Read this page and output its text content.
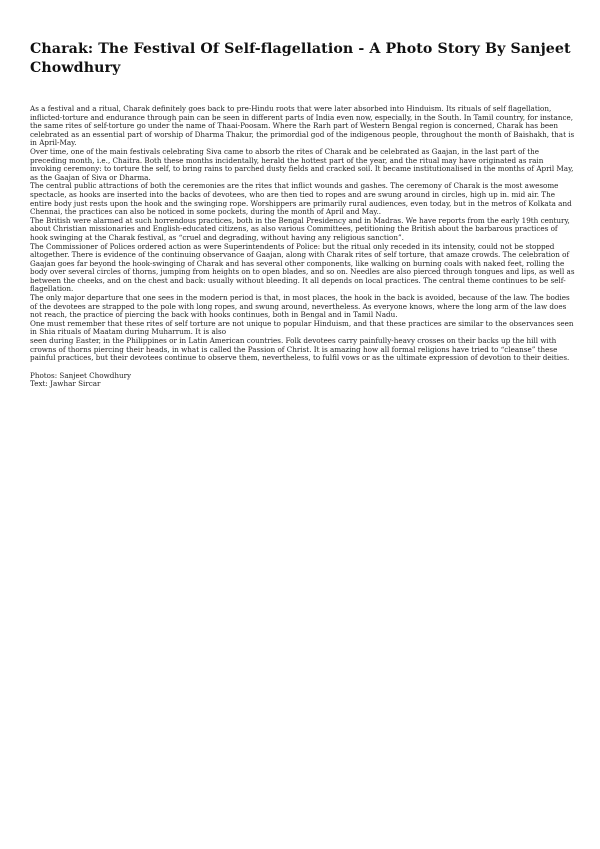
Charak: The Festival Of Self-flagellation - A Photo Story By Sanjeet Chowdhury

As a festival and a ritual, Charak definitely goes back to pre-Hindu roots that were later absorbed into Hinduism. Its rituals of self flagellation, inflicted-torture and endurance through pain can be seen in different parts of India even now, especially, in the South. In Tamil country, for instance, the same rites of self-torture go under the name of Thaai-Poosam. Where the Rarh part of Western Bengal region is concerned, Charak has been celebrated as an essential part of worship of Dharma Thakur, the primordial god of the indigenous people, throughout the month of Baishakh, that is in April-May.

Over time, one of the main festivals celebrating Siva came to absorb the rites of Charak and be celebrated as Gaajan, in the last part of the preceding month, i.e., Chaitra. Both these months incidentally, herald the hottest part of the year, and the ritual may have originated as rain invoking ceremony: to torture the self, to bring rains to parched dusty fields and cracked soil. It became institutionalised in the months of April May, as the Gaajan of Siva or Dharma.

The central public attractions of both the ceremonies are the rites that inflict wounds and gashes. The ceremony of Charak is the most awesome spectacle, as hooks are inserted into the backs of devotees, who are then tied to ropes and are swung around in circles, high up in. mid air. The entire body just rests upon the hook and the swinging rope. Worshippers are primarily rural audiences, even today, but in the metros of Kolkata and Chennai, the practices can also be noticed in some pockets, during the month of April and May..

The British were alarmed at such horrendous practices, both in the Bengal Presidency and in Madras. We have reports from the early 19th century, about Christian missionaries and English-educated citizens, as also various Committees, petitioning the British about the barbarous practices of hook swinging at the Charak festival, as “cruel and degrading, without having any religious sanction”.

The Commissioner of Polices ordered action as were Superintendents of Police: but the ritual only receded in its intensity, could not be stopped altogether. There is evidence of the continuing observance of Gaajan, along with Charak rites of self torture, that amaze crowds. The celebration of Gaajan goes far beyond the hook-swinging of Charak and has several other components, like walking on burning coals with naked feet, rolling the body over several circles of thorns, jumping from heights on to open blades, and so on. Needles are also pierced through tongues and lips, as well as between the cheeks, and on the chest and back: usually without bleeding. It all depends on local practices. The central theme continues to be self-flagellation.

The only major departure that one sees in the modern period is that, in most places, the hook in the back is avoided, because of the law. The bodies of the devotees are strapped to the pole with long ropes, and swung around, nevertheless. As everyone knows, where the long arm of the law does not reach, the practice of piercing the back with hooks continues, both in Bengal and in Tamil Nadu.

One must remember that these rites of self torture are not unique to popular Hinduism, and that these practices are similar to the observances seen in Shia rituals of Maatam during Muharrum. It is also

seen during Easter, in the Philippines or in Latin American countries. Folk devotees carry painfully-heavy crosses on their backs up the hill with crowns of thorns piercing their heads, in what is called the Passion of Christ. It is amazing how all formal religions have tried to “cleanse” these painful practices, but their devotees continue to observe them, nevertheless, to fulfil vows or as the ultimate expression of devotion to their deities.

Photos: Sanjeet Chowdhury
Text: Jawhar Sircar
